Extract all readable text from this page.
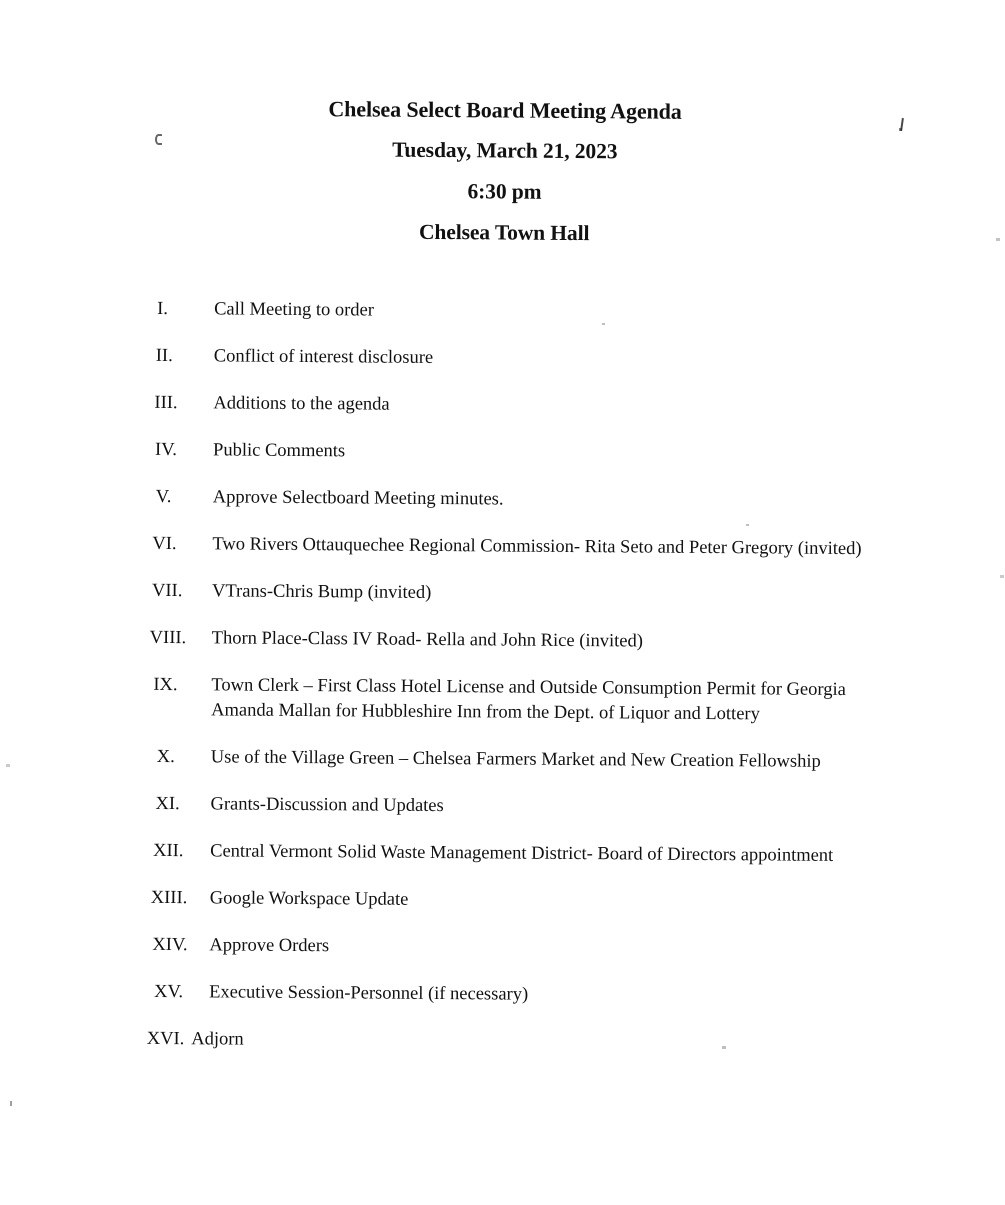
Chelsea Select Board Meeting Agenda
Tuesday, March 21, 2023
6:30 pm
Chelsea Town Hall
I.	Call Meeting to order
II.	Conflict of interest disclosure
III.	Additions to the agenda
IV.	Public Comments
V.	Approve Selectboard Meeting minutes.
VI.	Two Rivers Ottauquechee Regional Commission- Rita Seto and Peter Gregory (invited)
VII.	VTrans-Chris Bump (invited)
VIII.	Thorn Place-Class IV Road- Rella and John Rice (invited)
IX.	Town Clerk – First Class Hotel License and Outside Consumption Permit for Georgia Amanda Mallan for Hubbleshire Inn from the Dept. of Liquor and Lottery
X.	Use of the Village Green – Chelsea Farmers Market and New Creation Fellowship
XI.	Grants-Discussion and Updates
XII.	Central Vermont Solid Waste Management District- Board of Directors appointment
XIII.	Google Workspace Update
XIV.	Approve Orders
XV.	Executive Session-Personnel (if necessary)
XVI. Adjorn
